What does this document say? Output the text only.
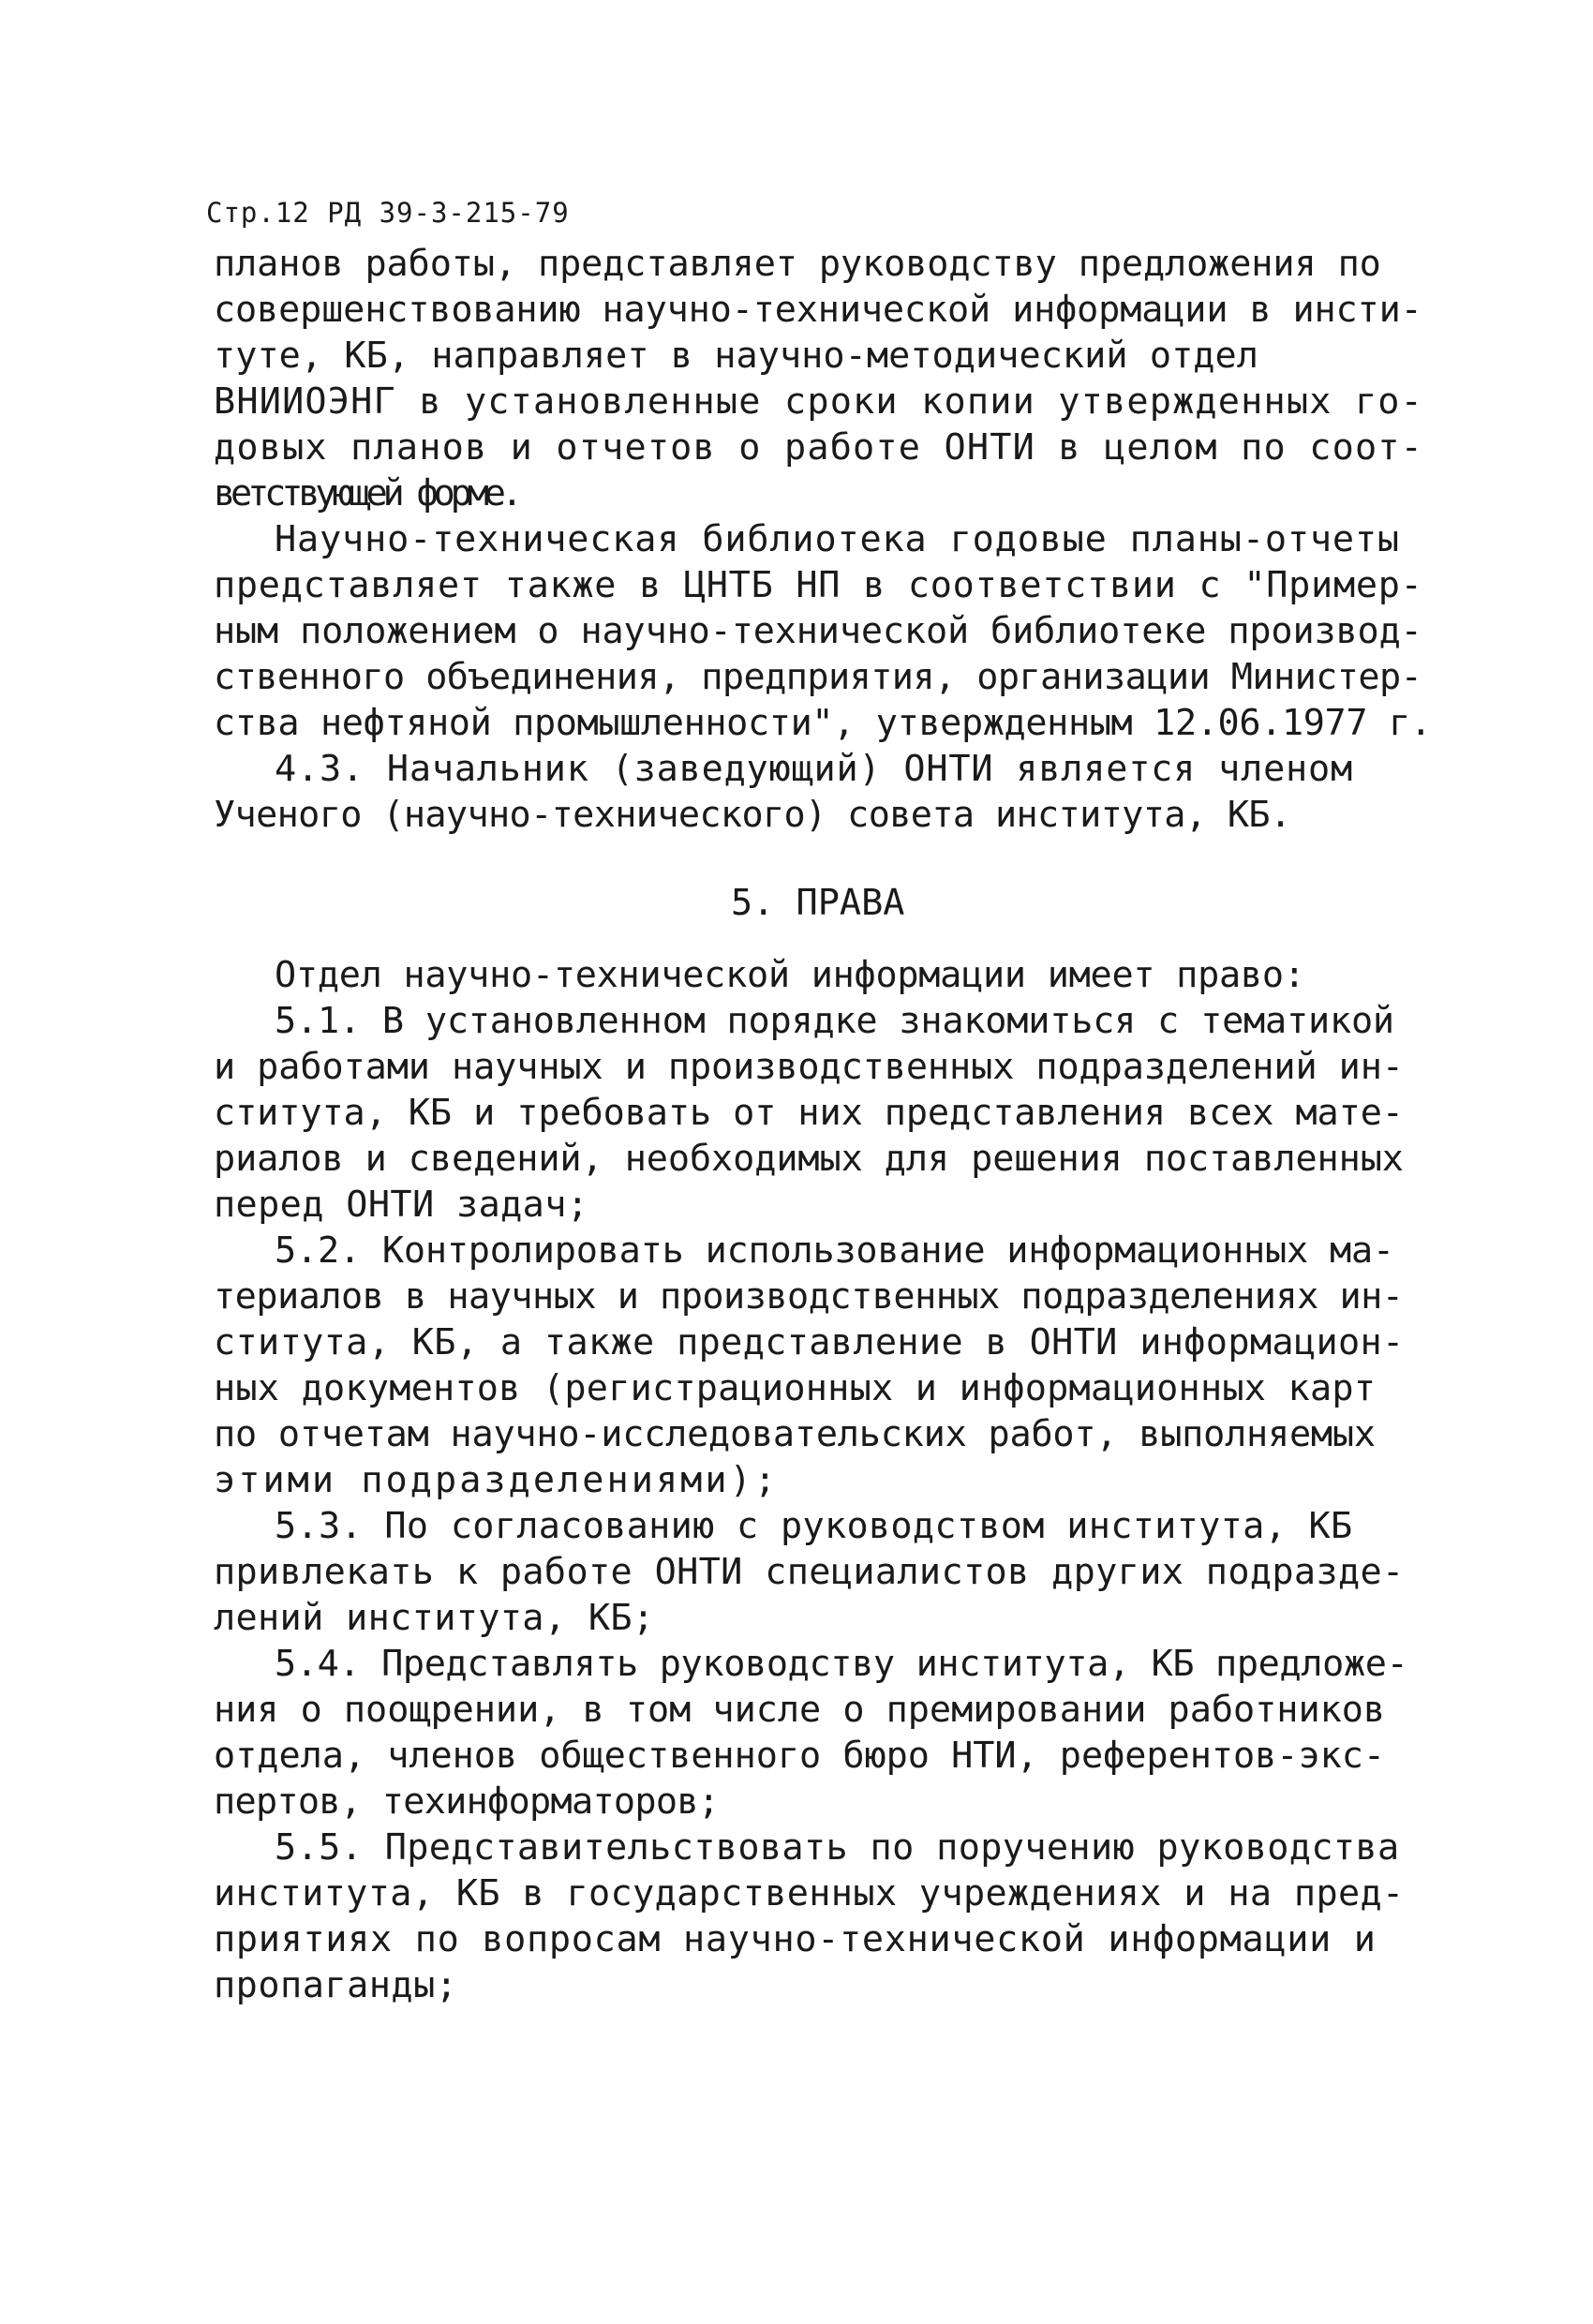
Стр.12 РД 39-3-215-79
планов работы, представляет руководству предложения по
совершенствованию научно-технической информации в инсти-
туте, КБ, направляет в научно-методический отдел
ВНИИОЭНГ в установленные сроки копии утвержденных го-
довых планов и отчетов о работе ОНТИ в целом по соот-
ветствующей форме.
Научно-техническая библиотека годовые планы-отчеты
представляет также в ЦНТБ НП в соответствии с "Пример-
ным положением о научно-технической библиотеке производ-
ственного объединения, предприятия, организации Министер-
ства нефтяной промышленности", утвержденным 12.06.1977 г.
4.3. Начальник (заведующий) ОНТИ является членом
Ученого (научно-технического) совета института, КБ.
5. ПРАВА
Отдел научно-технической информации имеет право:
5.1. В установленном порядке знакомиться с тематикой
и работами научных и производственных подразделений ин-
ститута, КБ и требовать от них представления всех мате-
риалов и сведений, необходимых для решения поставленных
перед ОНТИ задач;
5.2. Контролировать использование информационных ма-
териалов в научных и производственных подразделениях ин-
ститута, КБ, а также представление в ОНТИ информацион-
ных документов (регистрационных и информационных карт
по отчетам научно-исследовательских работ, выполняемых
этими подразделениями);
5.3. По согласованию с руководством института, КБ
привлекать к работе ОНТИ специалистов других подразде-
лений института, КБ;
5.4. Представлять руководству института, КБ предложе-
ния о поощрении, в том числе о премировании работников
отдела, членов общественного бюро НТИ, референтов-экс-
пертов, техинформаторов;
5.5. Представительствовать по поручению руководства
института, КБ в государственных учреждениях и на пред-
приятиях по вопросам научно-технической информации и
пропаганды;
